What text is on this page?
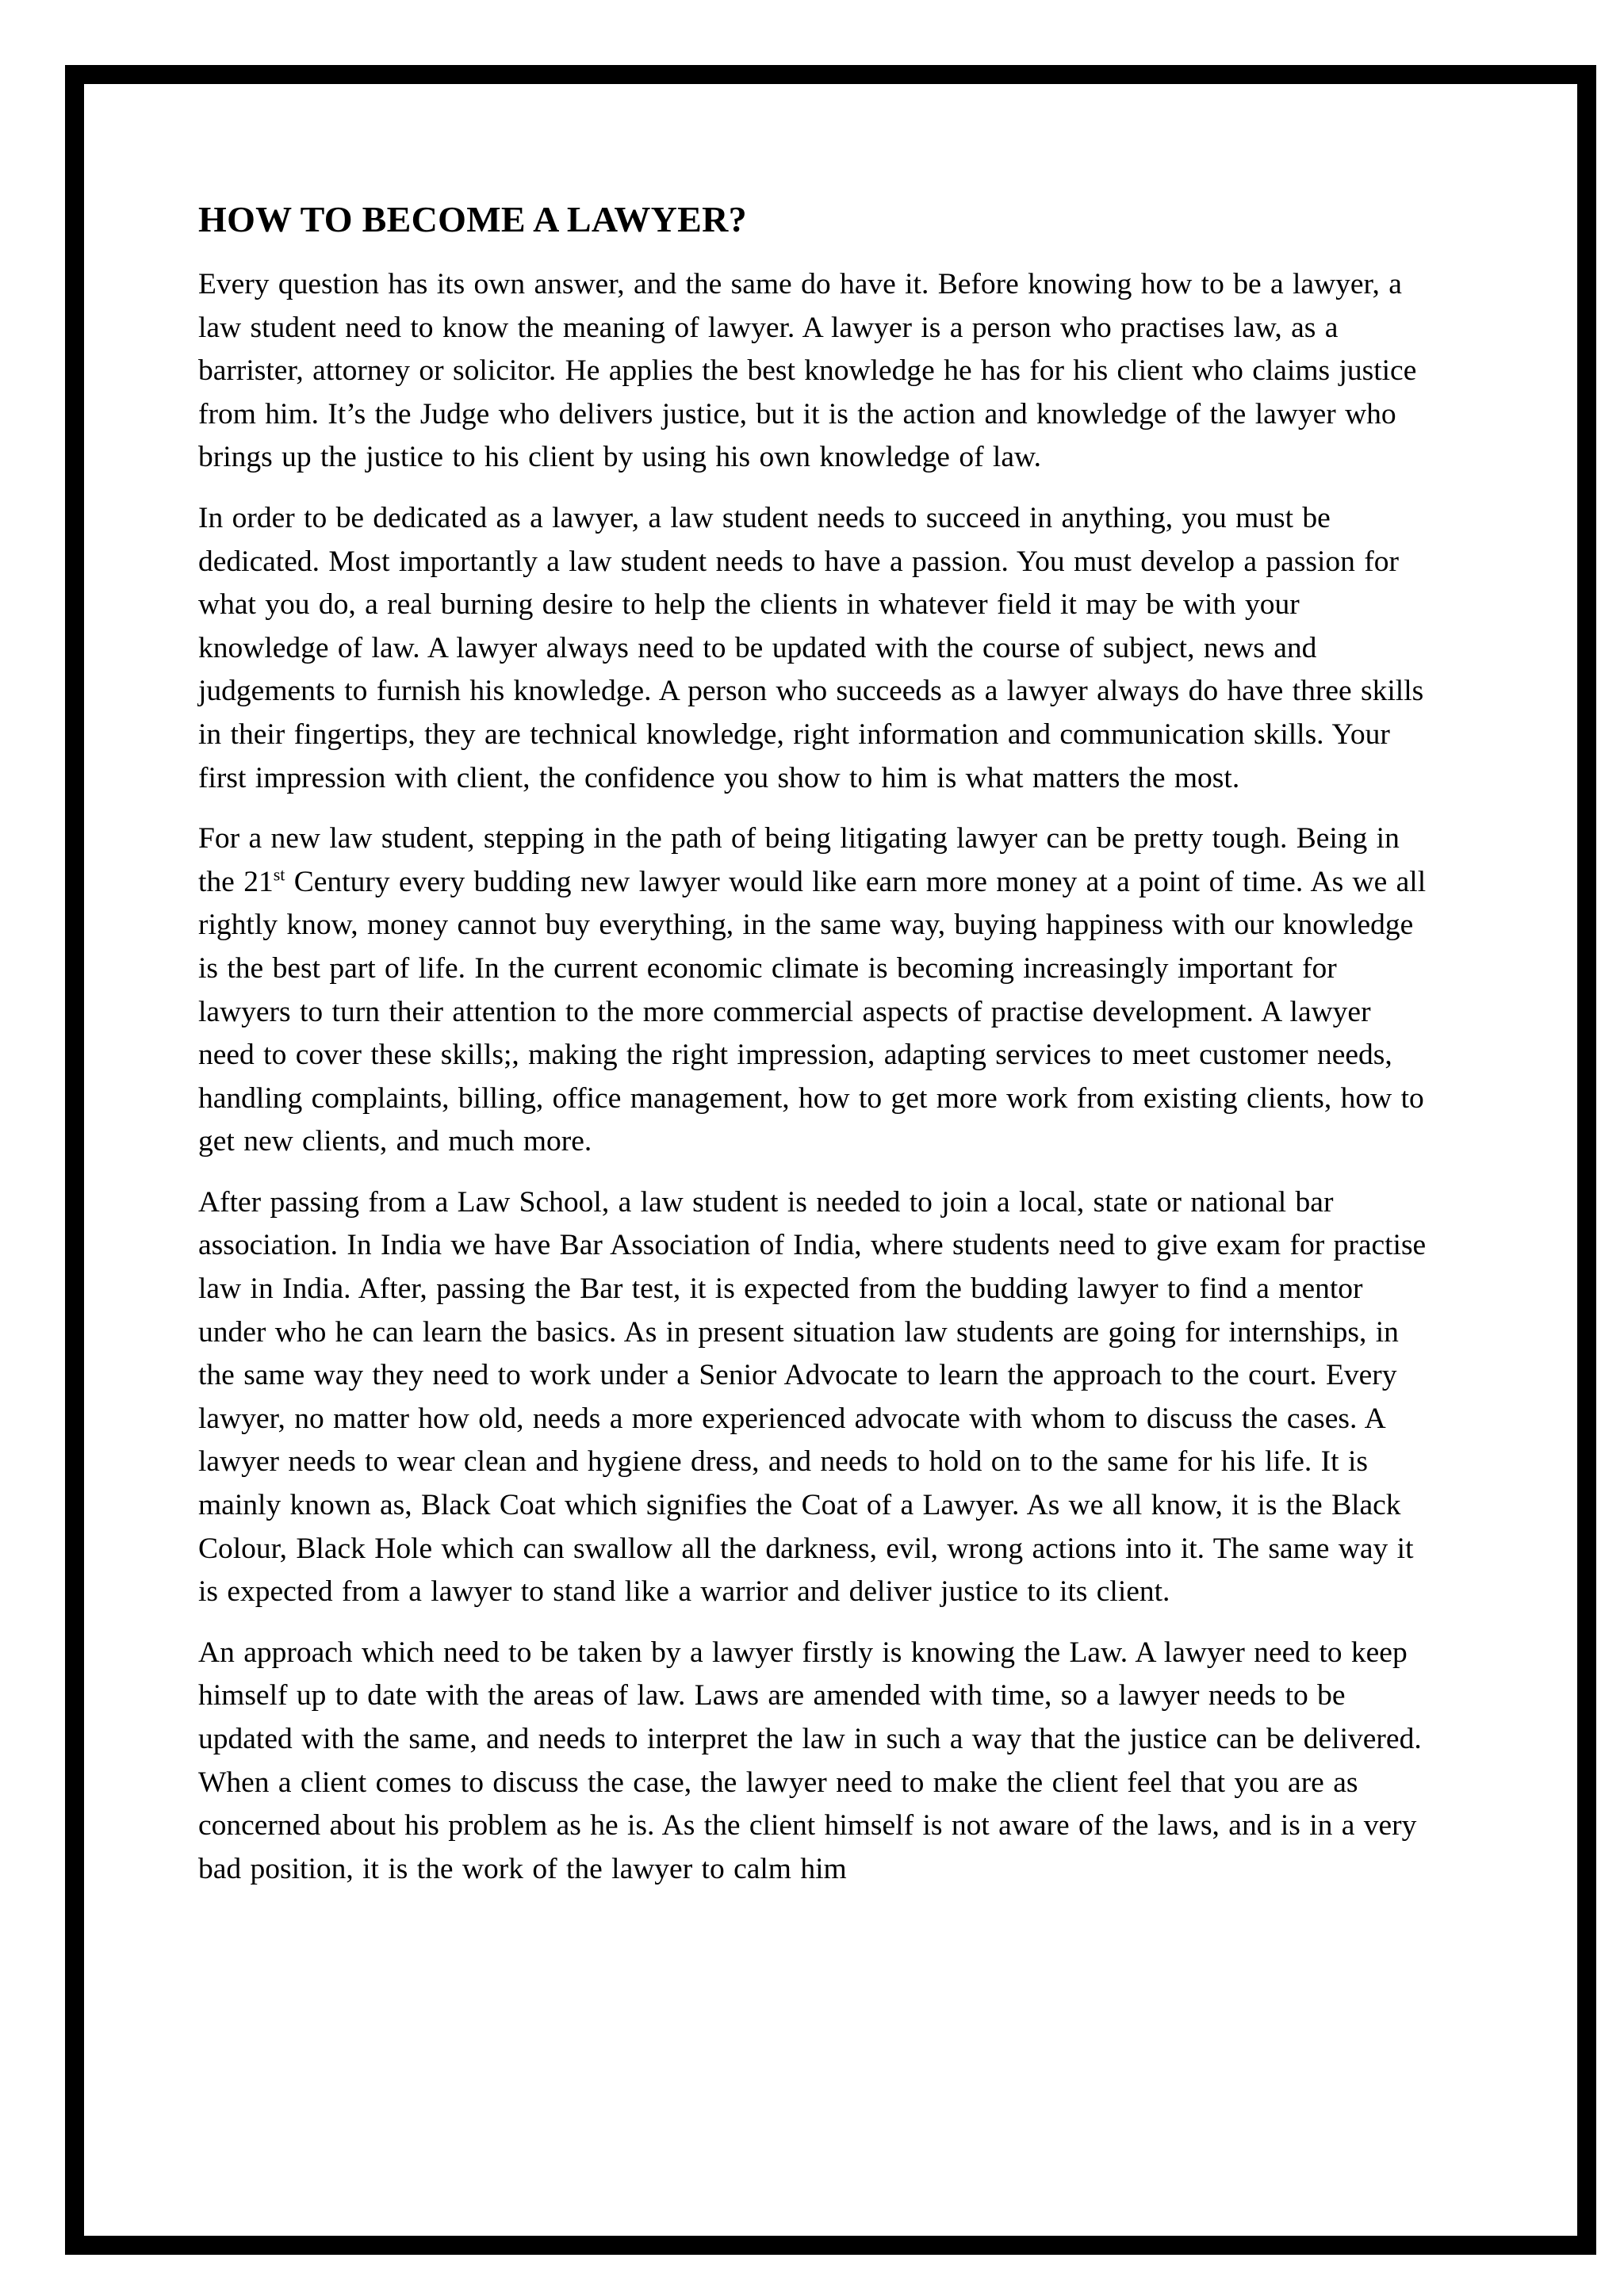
HOW TO BECOME A LAWYER?

Every question has its own answer, and the same do have it. Before knowing how to be a lawyer, a law student need to know the meaning of lawyer. A lawyer is a person who practises law, as a barrister, attorney or solicitor. He applies the best knowledge he has for his client who claims justice from him. It’s the Judge who delivers justice, but it is the action and knowledge of the lawyer who brings up the justice to his client by using his own knowledge of law.

In order to be dedicated as a lawyer, a law student needs to succeed in anything, you must be dedicated. Most importantly a law student needs to have a passion. You must develop a passion for what you do, a real burning desire to help the clients in whatever field it may be with your knowledge of law. A lawyer always need to be updated with the course of subject, news and judgements to furnish his knowledge. A person who succeeds as a lawyer always do have three skills in their fingertips, they are technical knowledge, right information and communication skills. Your first impression with client, the confidence you show to him is what matters the most.

For a new law student, stepping in the path of being litigating lawyer can be pretty tough. Being in the 21st Century every budding new lawyer would like earn more money at a point of time. As we all rightly know, money cannot buy everything, in the same way, buying happiness with our knowledge is the best part of life. In the current economic climate is becoming increasingly important for lawyers to turn their attention to the more commercial aspects of practise development. A lawyer need to cover these skills;, making the right impression, adapting services to meet customer needs, handling complaints, billing, office management, how to get more work from existing clients, how to get new clients, and much more.

After passing from a Law School, a law student is needed to join a local, state or national bar association. In India we have Bar Association of India, where students need to give exam for practise law in India. After, passing the Bar test, it is expected from the budding lawyer to find a mentor under who he can learn the basics. As in present situation law students are going for internships, in the same way they need to work under a Senior Advocate to learn the approach to the court. Every lawyer, no matter how old, needs a more experienced advocate with whom to discuss the cases. A lawyer needs to wear clean and hygiene dress, and needs to hold on to the same for his life. It is mainly known as, Black Coat which signifies the Coat of a Lawyer. As we all know, it is the Black Colour, Black Hole which can swallow all the darkness, evil, wrong actions into it. The same way it is expected from a lawyer to stand like a warrior and deliver justice to its client.

An approach which need to be taken by a lawyer firstly is knowing the Law. A lawyer need to keep himself up to date with the areas of law. Laws are amended with time, so a lawyer needs to be updated with the same, and needs to interpret the law in such a way that the justice can be delivered. When a client comes to discuss the case, the lawyer need to make the client feel that you are as concerned about his problem as he is. As the client himself is not aware of the laws, and is in a very bad position, it is the work of the lawyer to calm him
